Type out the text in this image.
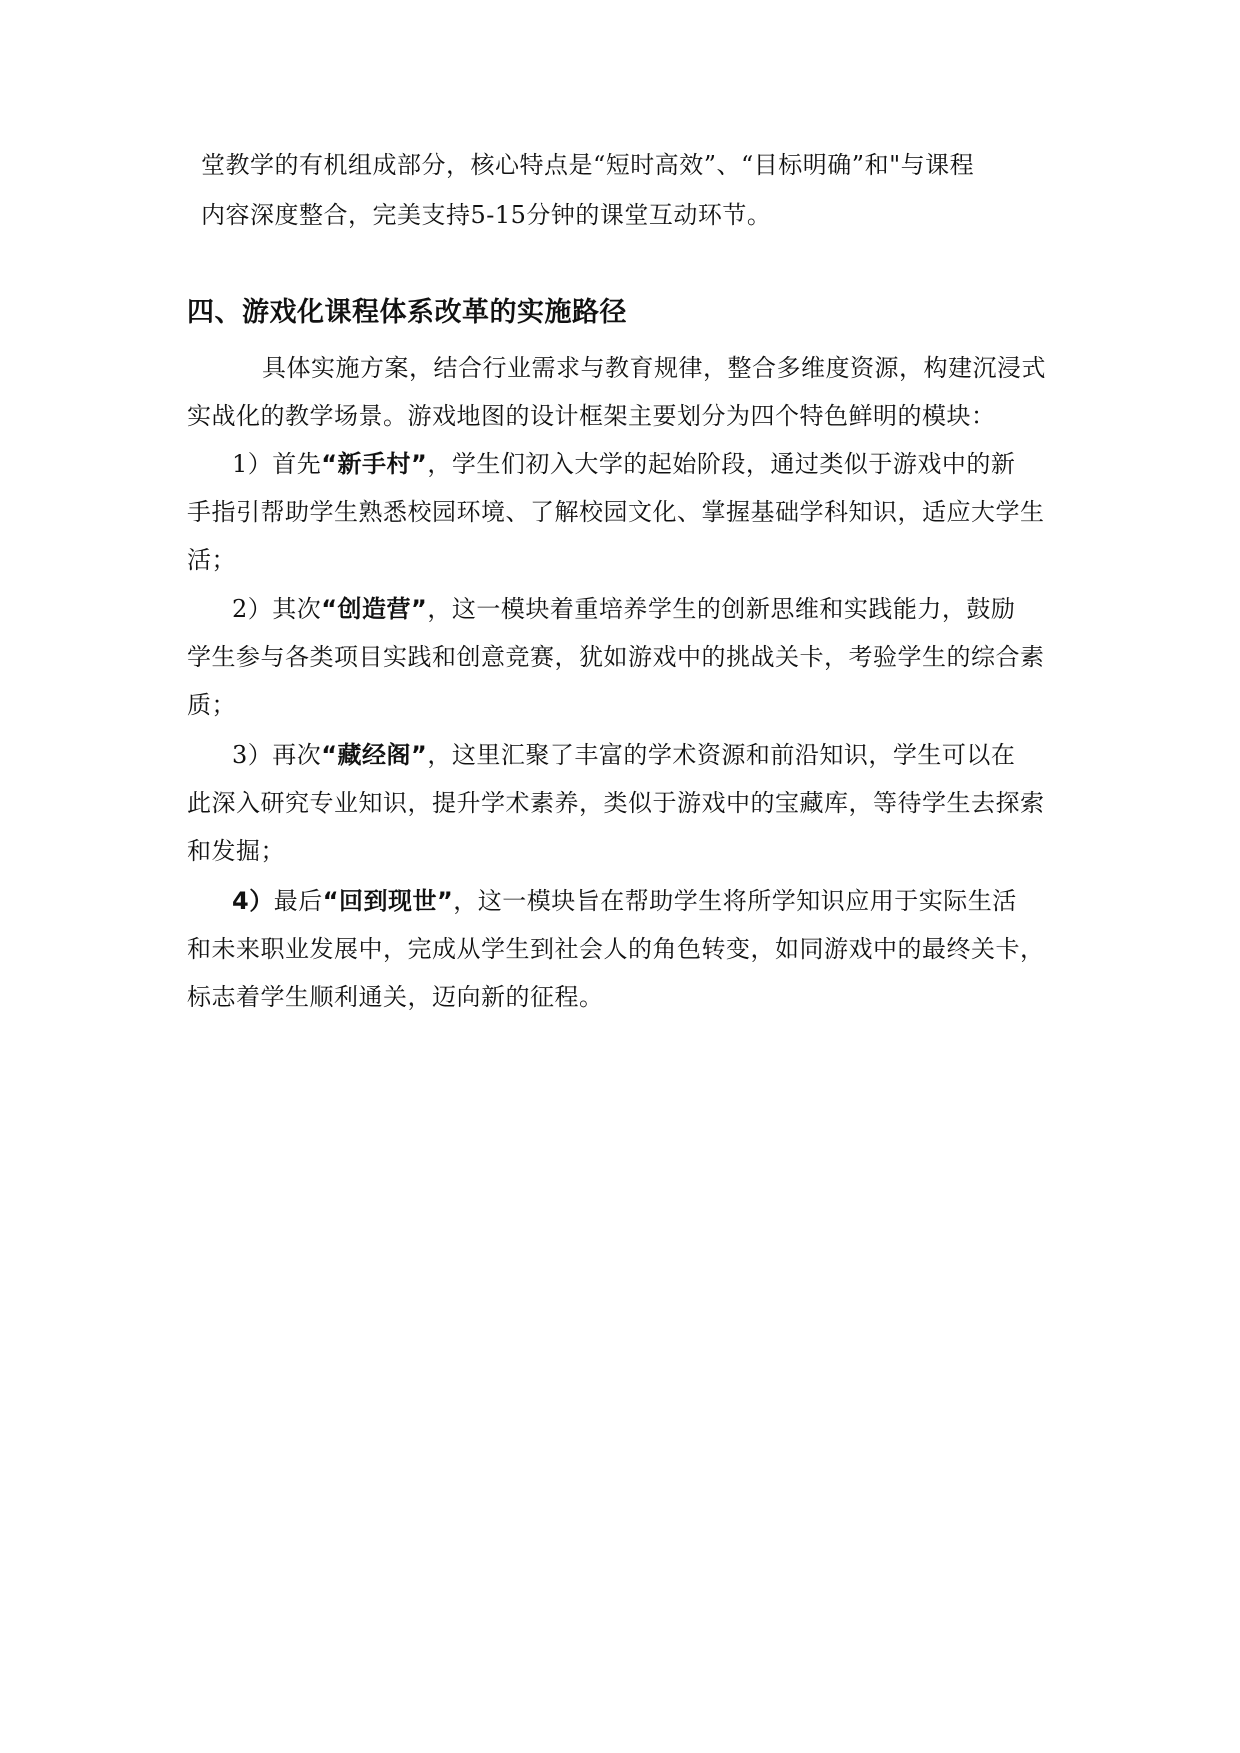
堂教学的有机组成部分，核心特点是“短时高效”、“目标明确”和"与课程
内容深度整合，完美支持5-15分钟的课堂互动环节。
四、游戏化课程体系改革的实施路径
具体实施方案，结合行业需求与教育规律，整合多维度资源，构建沉浸式
实战化的教学场景。游戏地图的设计框架主要划分为四个特色鲜明的模块：
1）首先“新手村”，学生们初入大学的起始阶段，通过类似于游戏中的新
手指引帮助学生熟悉校园环境、了解校园文化、掌握基础学科知识，适应大学生
活；
2）其次“创造营”，这一模块着重培养学生的创新思维和实践能力，鼓励
学生参与各类项目实践和创意竞赛，犹如游戏中的挑战关卡，考验学生的综合素
质；
3）再次“藏经阁”，这里汇聚了丰富的学术资源和前沿知识，学生可以在
此深入研究专业知识，提升学术素养，类似于游戏中的宝藏库，等待学生去探索
和发掘；
4）最后“回到现世”，这一模块旨在帮助学生将所学知识应用于实际生活
和未来职业发展中，完成从学生到社会人的角色转变，如同游戏中的最终关卡，
标志着学生顺利通关，迈向新的征程。
